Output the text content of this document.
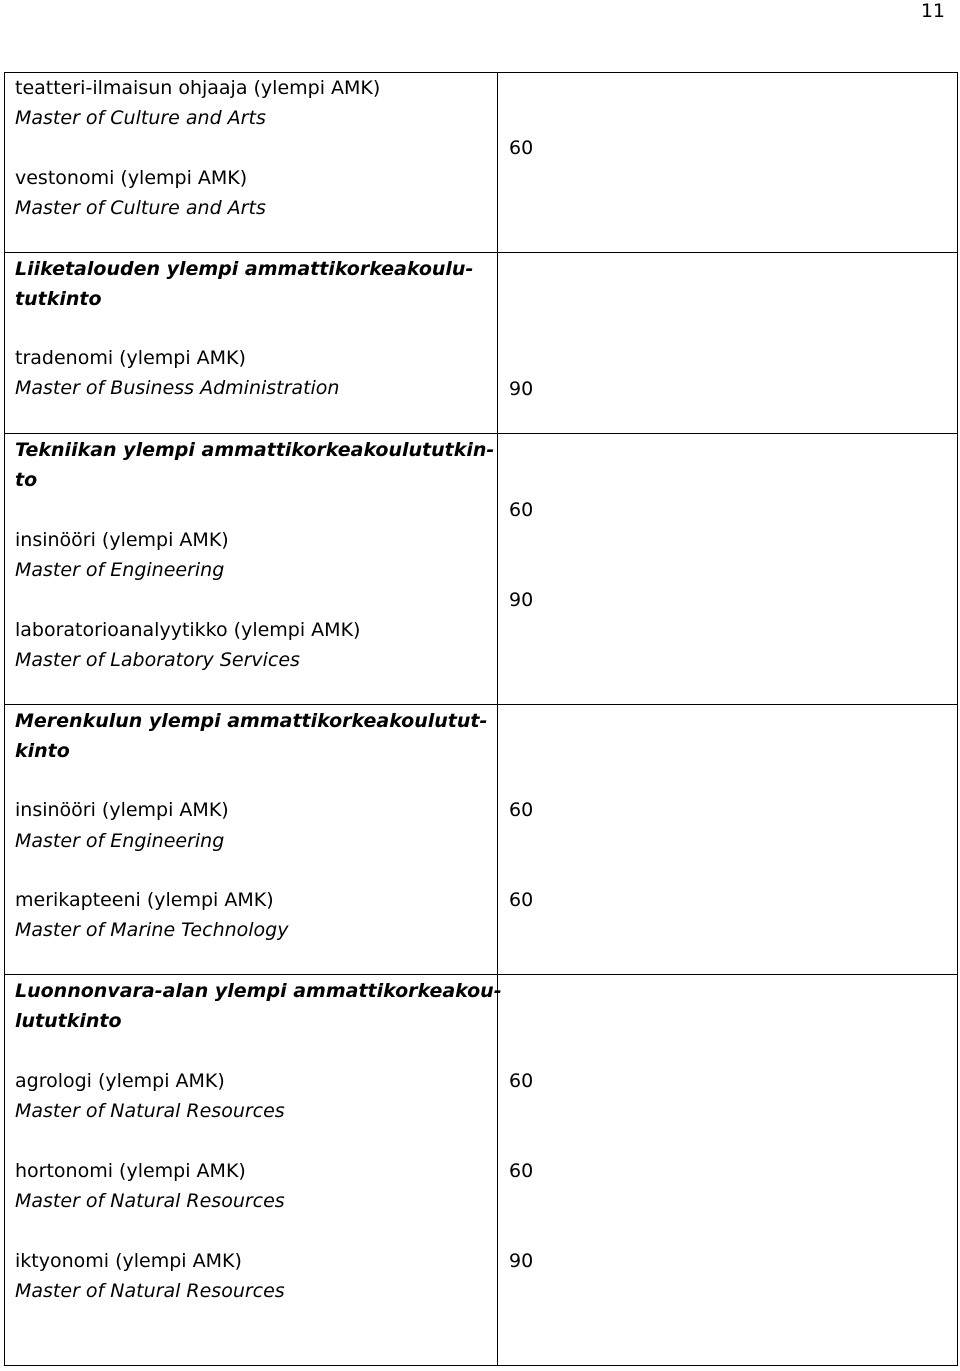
11
teatteri-ilmaisun ohjaaja (ylempi AMK)
Master of Culture and Arts
vestonomi (ylempi AMK)
Master of Culture and Arts
60
Liiketalouden ylempi ammattikorkeakoulu-
tutkinto
tradenomi (ylempi AMK)
Master of Business Administration	90
Tekniikan ylempi ammattikorkeakoulututkin-
to
insinööri (ylempi AMK)
Master of Engineering
laboratorioanalyytikko (ylempi AMK)
Master of Laboratory Services
60
90
Merenkulun ylempi ammattikorkeakoulutut-
kinto
insinööri (ylempi AMK)
Master of Engineering
merikapteeni (ylempi AMK)
Master of Marine Technology
60
60
Luonnonvara-alan ylempi ammattikorkeakou-
lututkinto
agrologi (ylempi AMK)
Master of Natural Resources
hortonomi (ylempi AMK)
Master of Natural Resources
iktyonomi (ylempi AMK)
Master of Natural Resources
60
60
90
